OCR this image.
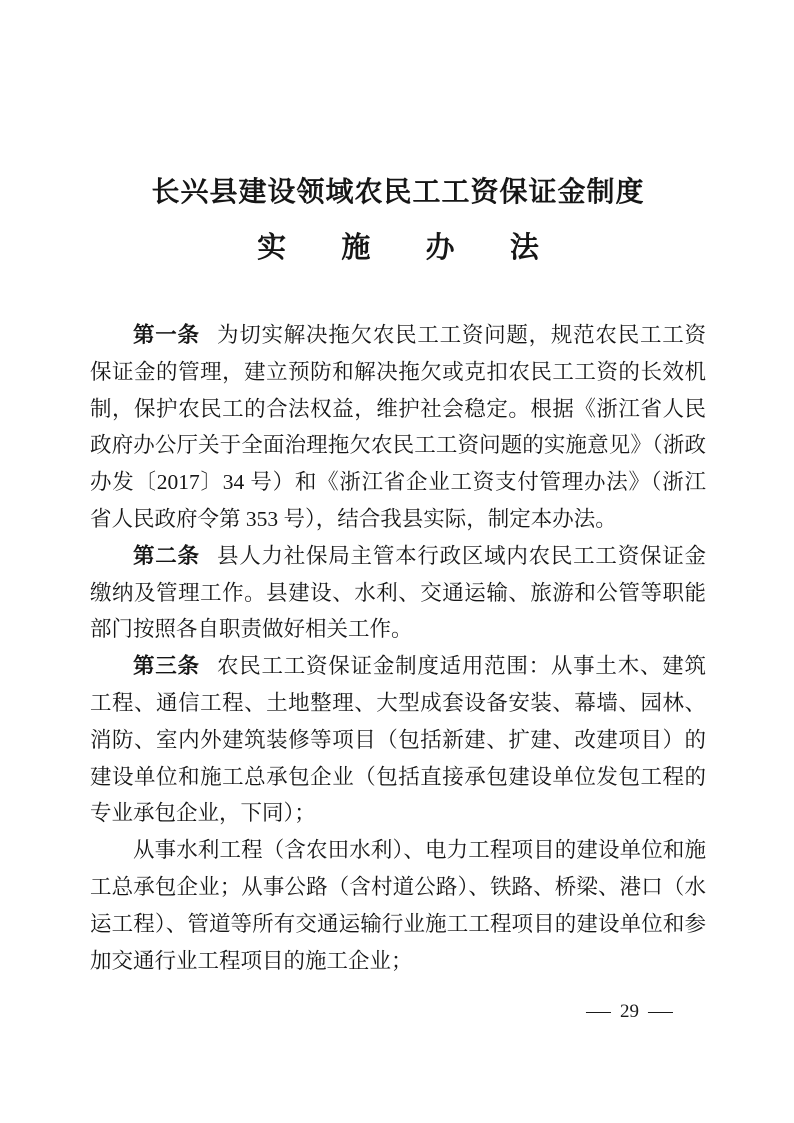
长兴县建设领域农民工工资保证金制度
实 施 办 法

第一条 为切实解决拖欠农民工工资问题，规范农民工工资保证金的管理，建立预防和解决拖欠或克扣农民工工资的长效机制，保护农民工的合法权益，维护社会稳定。根据《浙江省人民政府办公厅关于全面治理拖欠农民工工资问题的实施意见》（浙政办发〔2017〕34 号）和《浙江省企业工资支付管理办法》（浙江省人民政府令第 353 号），结合我县实际，制定本办法。

第二条 县人力社保局主管本行政区域内农民工工资保证金缴纳及管理工作。县建设、水利、交通运输、旅游和公管等职能部门按照各自职责做好相关工作。

第三条 农民工工资保证金制度适用范围：从事土木、建筑工程、通信工程、土地整理、大型成套设备安装、幕墙、园林、消防、室内外建筑装修等项目（包括新建、扩建、改建项目）的建设单位和施工总承包企业（包括直接承包建设单位发包工程的专业承包企业，下同）；

从事水利工程（含农田水利）、电力工程项目的建设单位和施工总承包企业；从事公路（含村道公路）、铁路、桥梁、港口（水运工程）、管道等所有交通运输行业施工工程项目的建设单位和参加交通行业工程项目的施工企业；

— 29 —
